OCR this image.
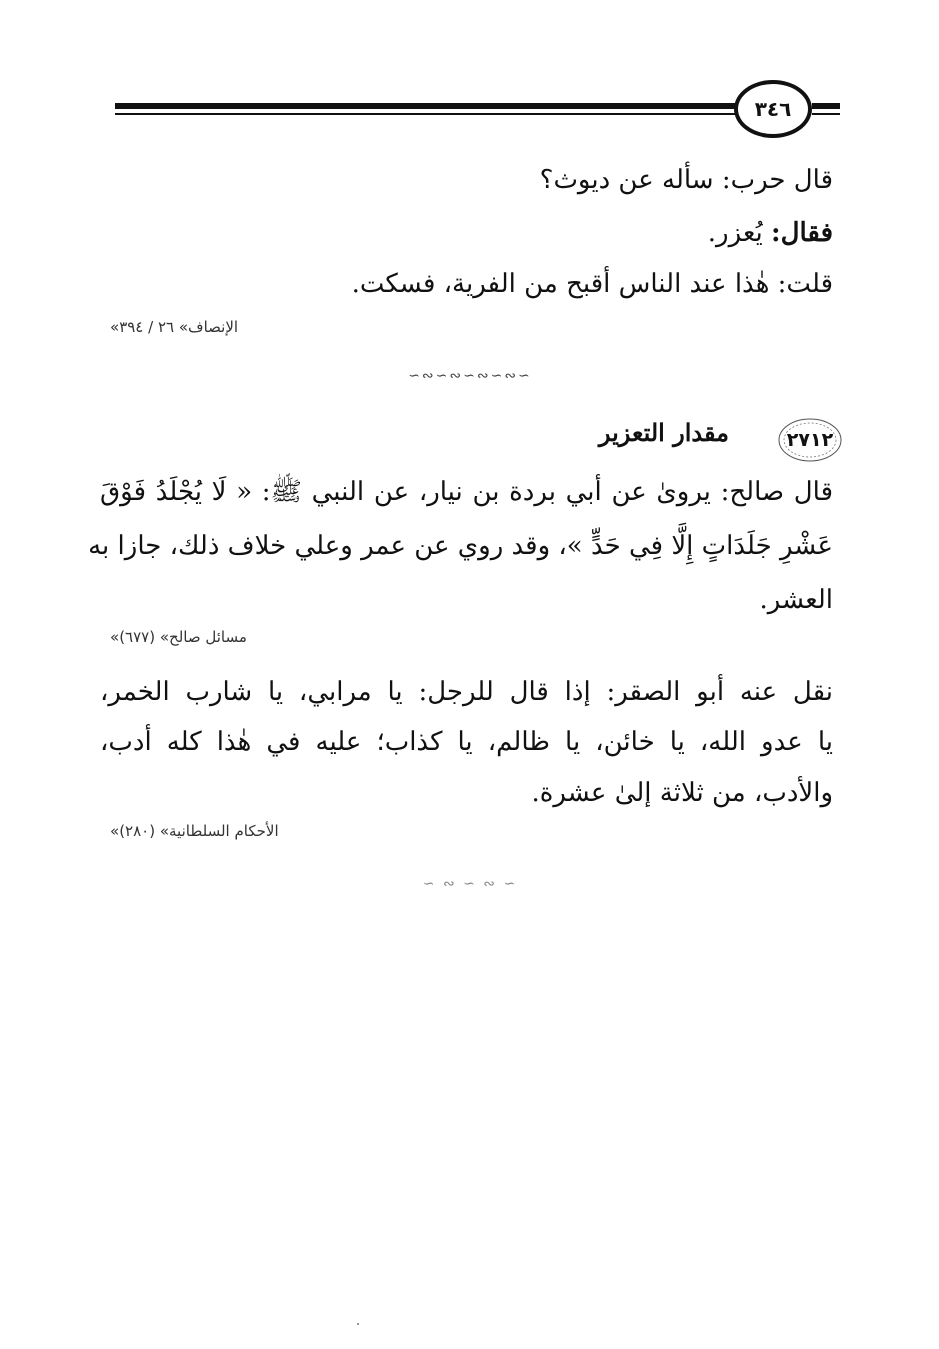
٣٤٦
قال حرب: سأله عن ديوث؟
فقال: يُعزر.
قلت: هٰذا عند الناس أقبح من الفرية، فسكت.
«الإنصاف» ٢٦ / ٣٩٤
∽∾∽∾∽∾∽∾∽
٢٧١٢
مقدار التعزير
قال صالح: يرویٰ عن أبي بردة بن نيار، عن النبي ﷺ: « لَا يُجْلَدُ فَوْقَ
عَشْرِ جَلَدَاتٍ إِلَّا فِي حَدٍّ »، وقد روي عن عمر وعلي خلاف ذلك، جازا به
العشر.
«مسائل صالح» (٦٧٧)
نقل عنه أبو الصقر: إذا قال للرجل: يا مرابي، يا شارب الخمر،
يا عدو الله، يا خائن، يا ظالم، يا كذاب؛ عليه في هٰذا كله أدب،
والأدب، من ثلاثة إلىٰ عشرة.
«الأحكام السلطانية» (٢٨٠)
∽ ∾ ∽ ∾ ∽
